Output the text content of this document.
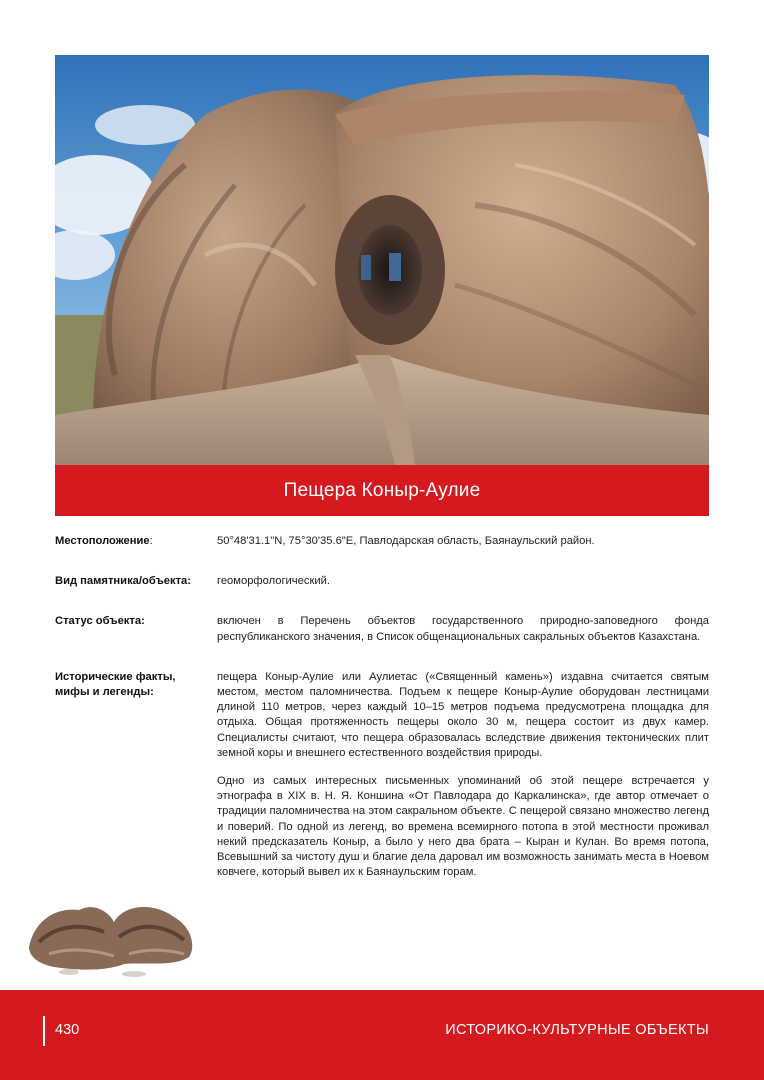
Пещера Коныр-Аулие
Местоположение:	50°48'31.1"N, 75°30'35.6"E, Павлодарская область, Баянаульский район.

Вид памятника/объекта:	геоморфологический.

Статус объекта:	включен в Перечень объектов государственного природно-заповедного фонда республиканского значения, в Список общенациональных сакральных объектов Казахстана.

Исторические факты, мифы и легенды:

пещера Коныр-Аулие или Аулиетас («Священный камень») издавна считается святым местом, местом паломничества. Подъем к пещере Коныр-Аулие оборудован лестницами длиной 110 метров, через каждый 10–15 метров подъема предусмотрена площадка для отдыха. Общая протяженность пещеры около 30 м, пещера состоит из двух камер. Специалисты считают, что пещера образовалась вследствие движения тектонических плит земной коры и внешнего естественного воздействия природы.

Одно из самых интересных письменных упоминаний об этой пещере встречается у этнографа в XIX в. Н. Я. Коншина «От Павлодара до Каркалинска», где автор отмечает о традиции паломничества на этом сакральном объекте. С пещерой связано множество легенд и поверий. По одной из легенд, во времена всемирного потопа в этой местности проживал некий предсказатель Коныр, а было у него два брата – Кыран и Кулан. Во время потопа, Всевышний за чистоту душ и благие дела даровал им возможность занимать места в Ноевом ковчеге, который вывел их к Баянаульским горам.

430	ИСТОРИКО-КУЛЬТУРНЫЕ ОБЪЕКТЫ
